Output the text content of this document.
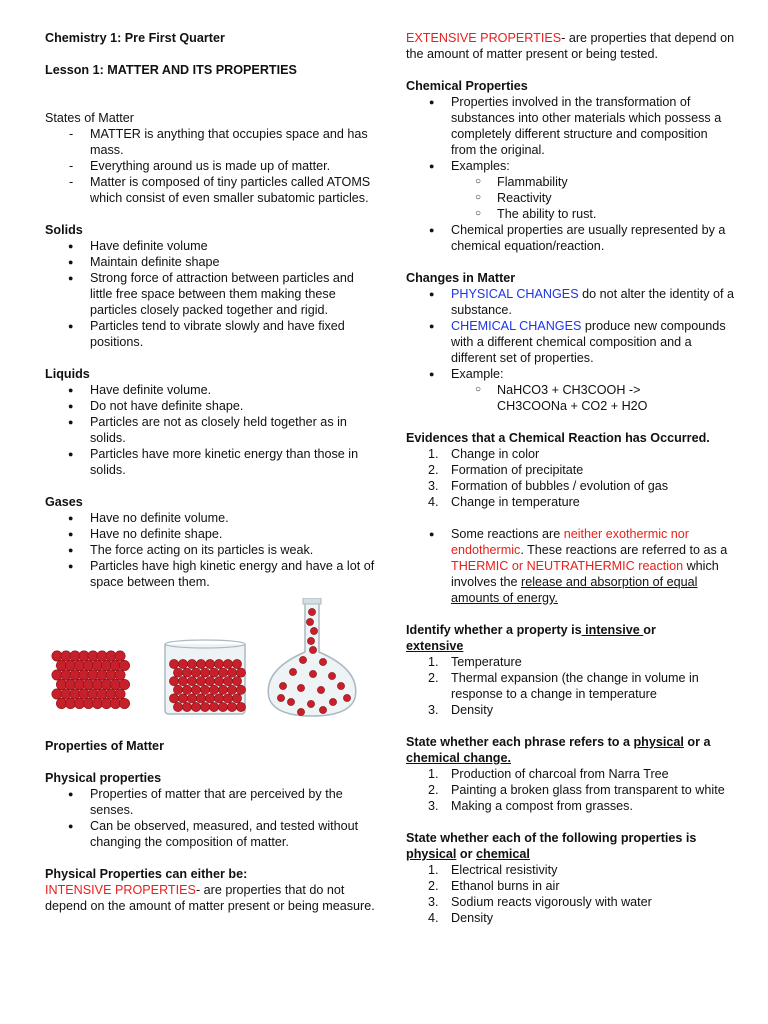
Chemistry 1: Pre First Quarter

Lesson 1: MATTER AND ITS PROPERTIES

States of Matter

- MATTER is anything that occupies space and has mass.
- Everything around us is made up of matter.
- Matter is composed of tiny particles called ATOMS which consist of even smaller subatomic particles.

Solids

● Have definite volume
● Maintain definite shape
● Strong force of attraction between particles and little free space between them making these particles closely packed together and rigid.
● Particles tend to vibrate slowly and have fixed positions.

Liquids

● Have definite volume.
● Do not have definite shape.
● Particles are not as closely held together as in solids.
● Particles have more kinetic energy than those in solids.

Gases

● Have no definite volume.
● Have no definite shape.
● The force acting on its particles is weak.
● Particles have high kinetic energy and have a lot of space between them.

Properties of Matter

Physical properties

● Properties of matter that are perceived by the senses.
● Can be observed, measured, and tested without changing the composition of matter.

Physical Properties can either be:

INTENSIVE PROPERTIES- are properties that do not depend on the amount of matter present or being measure.

EXTENSIVE PROPERTIES- are properties that depend on the amount of matter present or being tested.

Chemical Properties

● Properties involved in the transformation of substances into other materials which possess a completely different structure and composition from the original.
● Examples:
○ Flammability
○ Reactivity
○ The ability to rust.
● Chemical properties are usually represented by a chemical equation/reaction.

Changes in Matter

● PHYSICAL CHANGES do not alter the identity of a substance.
● CHEMICAL CHANGES produce new compounds with a different chemical composition and a different set of properties.
● Example:
○ NaHCO3 + CH3COOH ->
CH3COONa + CO2 + H2O

Evidences that a Chemical Reaction has Occurred.

1. Change in color
2. Formation of precipitate
3. Formation of bubbles / evolution of gas
4. Change in temperature
● Some reactions are neither exothermic nor endothermic. These reactions are referred to as a THERMIC or NEUTRATHERMIC reaction which involves the release and absorption of equal amounts of energy.

Identify whether a property is intensive or
extensive

1. Temperature
2. Thermal expansion (the change in volume in response to a change in temperature
3. Density

State whether each phrase refers to a physical or a chemical change.

1. Production of charcoal from Narra Tree
2. Painting a broken glass from transparent to white
3. Making a compost from grasses.

State whether each of the following properties is physical or chemical

1. Electrical resistivity
2. Ethanol burns in air
3. Sodium reacts vigorously with water
4. Density
